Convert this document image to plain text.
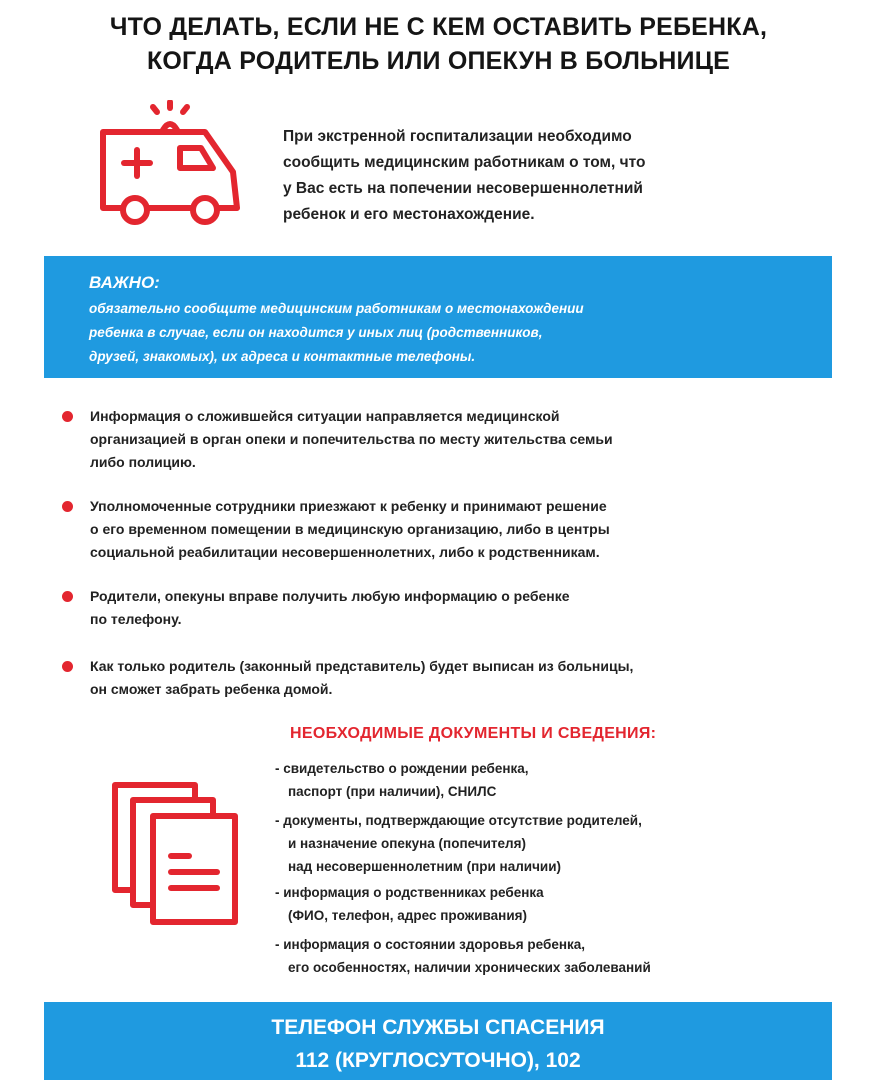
ЧТО ДЕЛАТЬ, ЕСЛИ НЕ С КЕМ ОСТАВИТЬ РЕБЕНКА,
КОГДА РОДИТЕЛЬ ИЛИ ОПЕКУН В БОЛЬНИЦЕ
При экстренной госпитализации необходимо
сообщить медицинским работникам о том, что
у Вас есть на попечении несовершеннолетний
ребенок и его местонахождение.
ВАЖНО:
обязательно сообщите медицинским работникам о местонахождении
ребенка в случае, если он находится у иных лиц (родственников,
друзей, знакомых), их адреса и контактные телефоны.
Информация о сложившейся ситуации направляется медицинской
организацией в орган опеки и попечительства по месту жительства семьи
либо полицию.
Уполномоченные сотрудники приезжают к ребенку и принимают решение
о его временном помещении в медицинскую организацию, либо в центры
социальной реабилитации несовершеннолетних, либо к родственникам.
Родители, опекуны вправе получить любую информацию о ребенке
по телефону.
Как только родитель (законный представитель) будет выписан из больницы,
он сможет забрать ребенка домой.
НЕОБХОДИМЫЕ ДОКУМЕНТЫ И СВЕДЕНИЯ:
- свидетельство о рождении ребенка,
паспорт (при наличии), СНИЛС
- документы, подтверждающие отсутствие родителей,
и назначение опекуна (попечителя)
над несовершеннолетним (при наличии)
- информация о родственниках ребенка
(ФИО, телефон, адрес проживания)
- информация о состоянии здоровья ребенка,
его особенностях, наличии хронических заболеваний
ТЕЛЕФОН СЛУЖБЫ СПАСЕНИЯ
112 (КРУГЛОСУТОЧНО), 102
